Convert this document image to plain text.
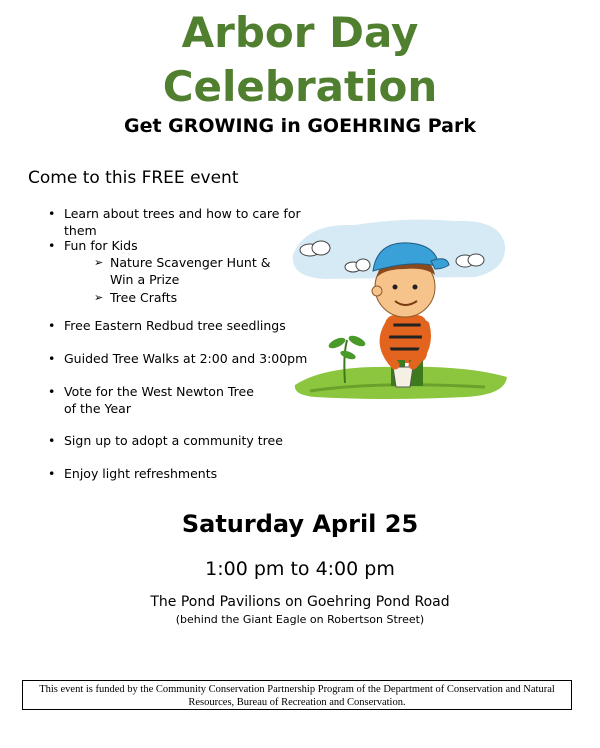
Arbor Day
Celebration
Get GROWING in GOEHRING Park
Come to this FREE event
• Learn about trees and how to care for them
• Fun for Kids
➢ Nature Scavenger Hunt & Win a Prize
➢ Tree Crafts
• Free Eastern Redbud tree seedlings
• Guided Tree Walks at 2:00 and 3:00pm
• Vote for the West Newton Tree of the Year
• Sign up to adopt a community tree
• Enjoy light refreshments
Saturday April 25
1:00 pm to 4:00 pm
The Pond Pavilions on Goehring Pond Road
(behind the Giant Eagle on Robertson Street)
This event is funded by the Community Conservation Partnership Program of the Department of Conservation and Natural Resources, Bureau of Recreation and Conservation.
